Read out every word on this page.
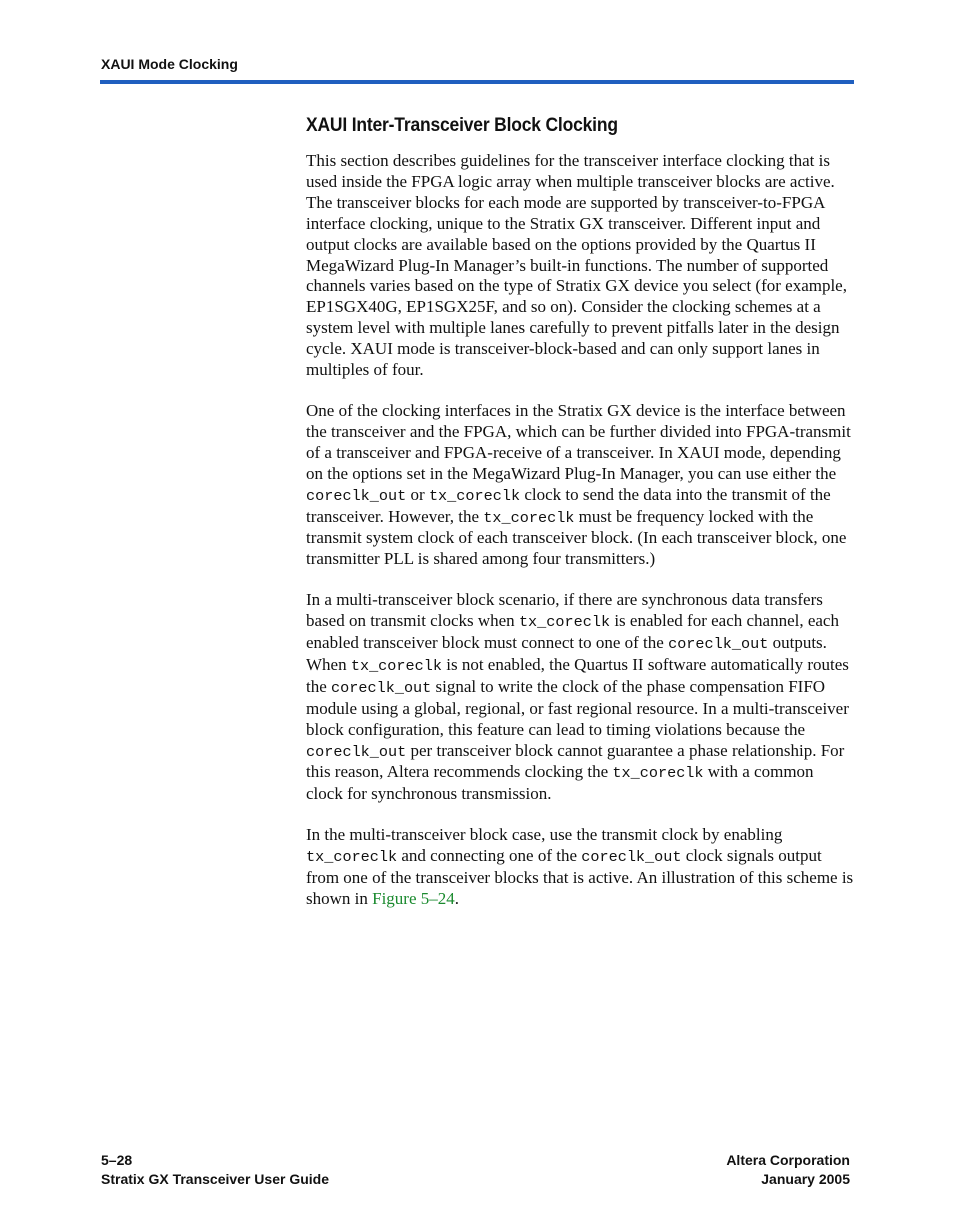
XAUI Mode Clocking
XAUI Inter-Transceiver Block Clocking

This section describes guidelines for the transceiver interface clocking that is used inside the FPGA logic array when multiple transceiver blocks are active. The transceiver blocks for each mode are supported by transceiver-to-FPGA interface clocking, unique to the Stratix GX transceiver. Different input and output clocks are available based on the options provided by the Quartus II MegaWizard Plug-In Manager’s built-in functions. The number of supported channels varies based on the type of Stratix GX device you select (for example, EP1SGX40G, EP1SGX25F, and so on). Consider the clocking schemes at a system level with multiple lanes carefully to prevent pitfalls later in the design cycle. XAUI mode is transceiver-block-based and can only support lanes in multiples of four.

One of the clocking interfaces in the Stratix GX device is the interface between the transceiver and the FPGA, which can be further divided into FPGA-transmit of a transceiver and FPGA-receive of a transceiver. In XAUI mode, depending on the options set in the MegaWizard Plug-In Manager, you can use either the coreclk_out or tx_coreclk clock to send the data into the transmit of the transceiver. However, the tx_coreclk must be frequency locked with the transmit system clock of each transceiver block. (In each transceiver block, one transmitter PLL is shared among four transmitters.)

In a multi-transceiver block scenario, if there are synchronous data transfers based on transmit clocks when tx_coreclk is enabled for each channel, each enabled transceiver block must connect to one of the coreclk_out outputs. When tx_coreclk is not enabled, the Quartus II software automatically routes the coreclk_out signal to write the clock of the phase compensation FIFO module using a global, regional, or fast regional resource. In a multi-transceiver block configuration, this feature can lead to timing violations because the coreclk_out per transceiver block cannot guarantee a phase relationship. For this reason, Altera recommends clocking the tx_coreclk with a common clock for synchronous transmission.

In the multi-transceiver block case, use the transmit clock by enabling tx_coreclk and connecting one of the coreclk_out clock signals output from one of the transceiver blocks that is active. An illustration of this scheme is shown in Figure 5–24.

5–28
Stratix GX Transceiver User Guide
Altera Corporation
January 2005
